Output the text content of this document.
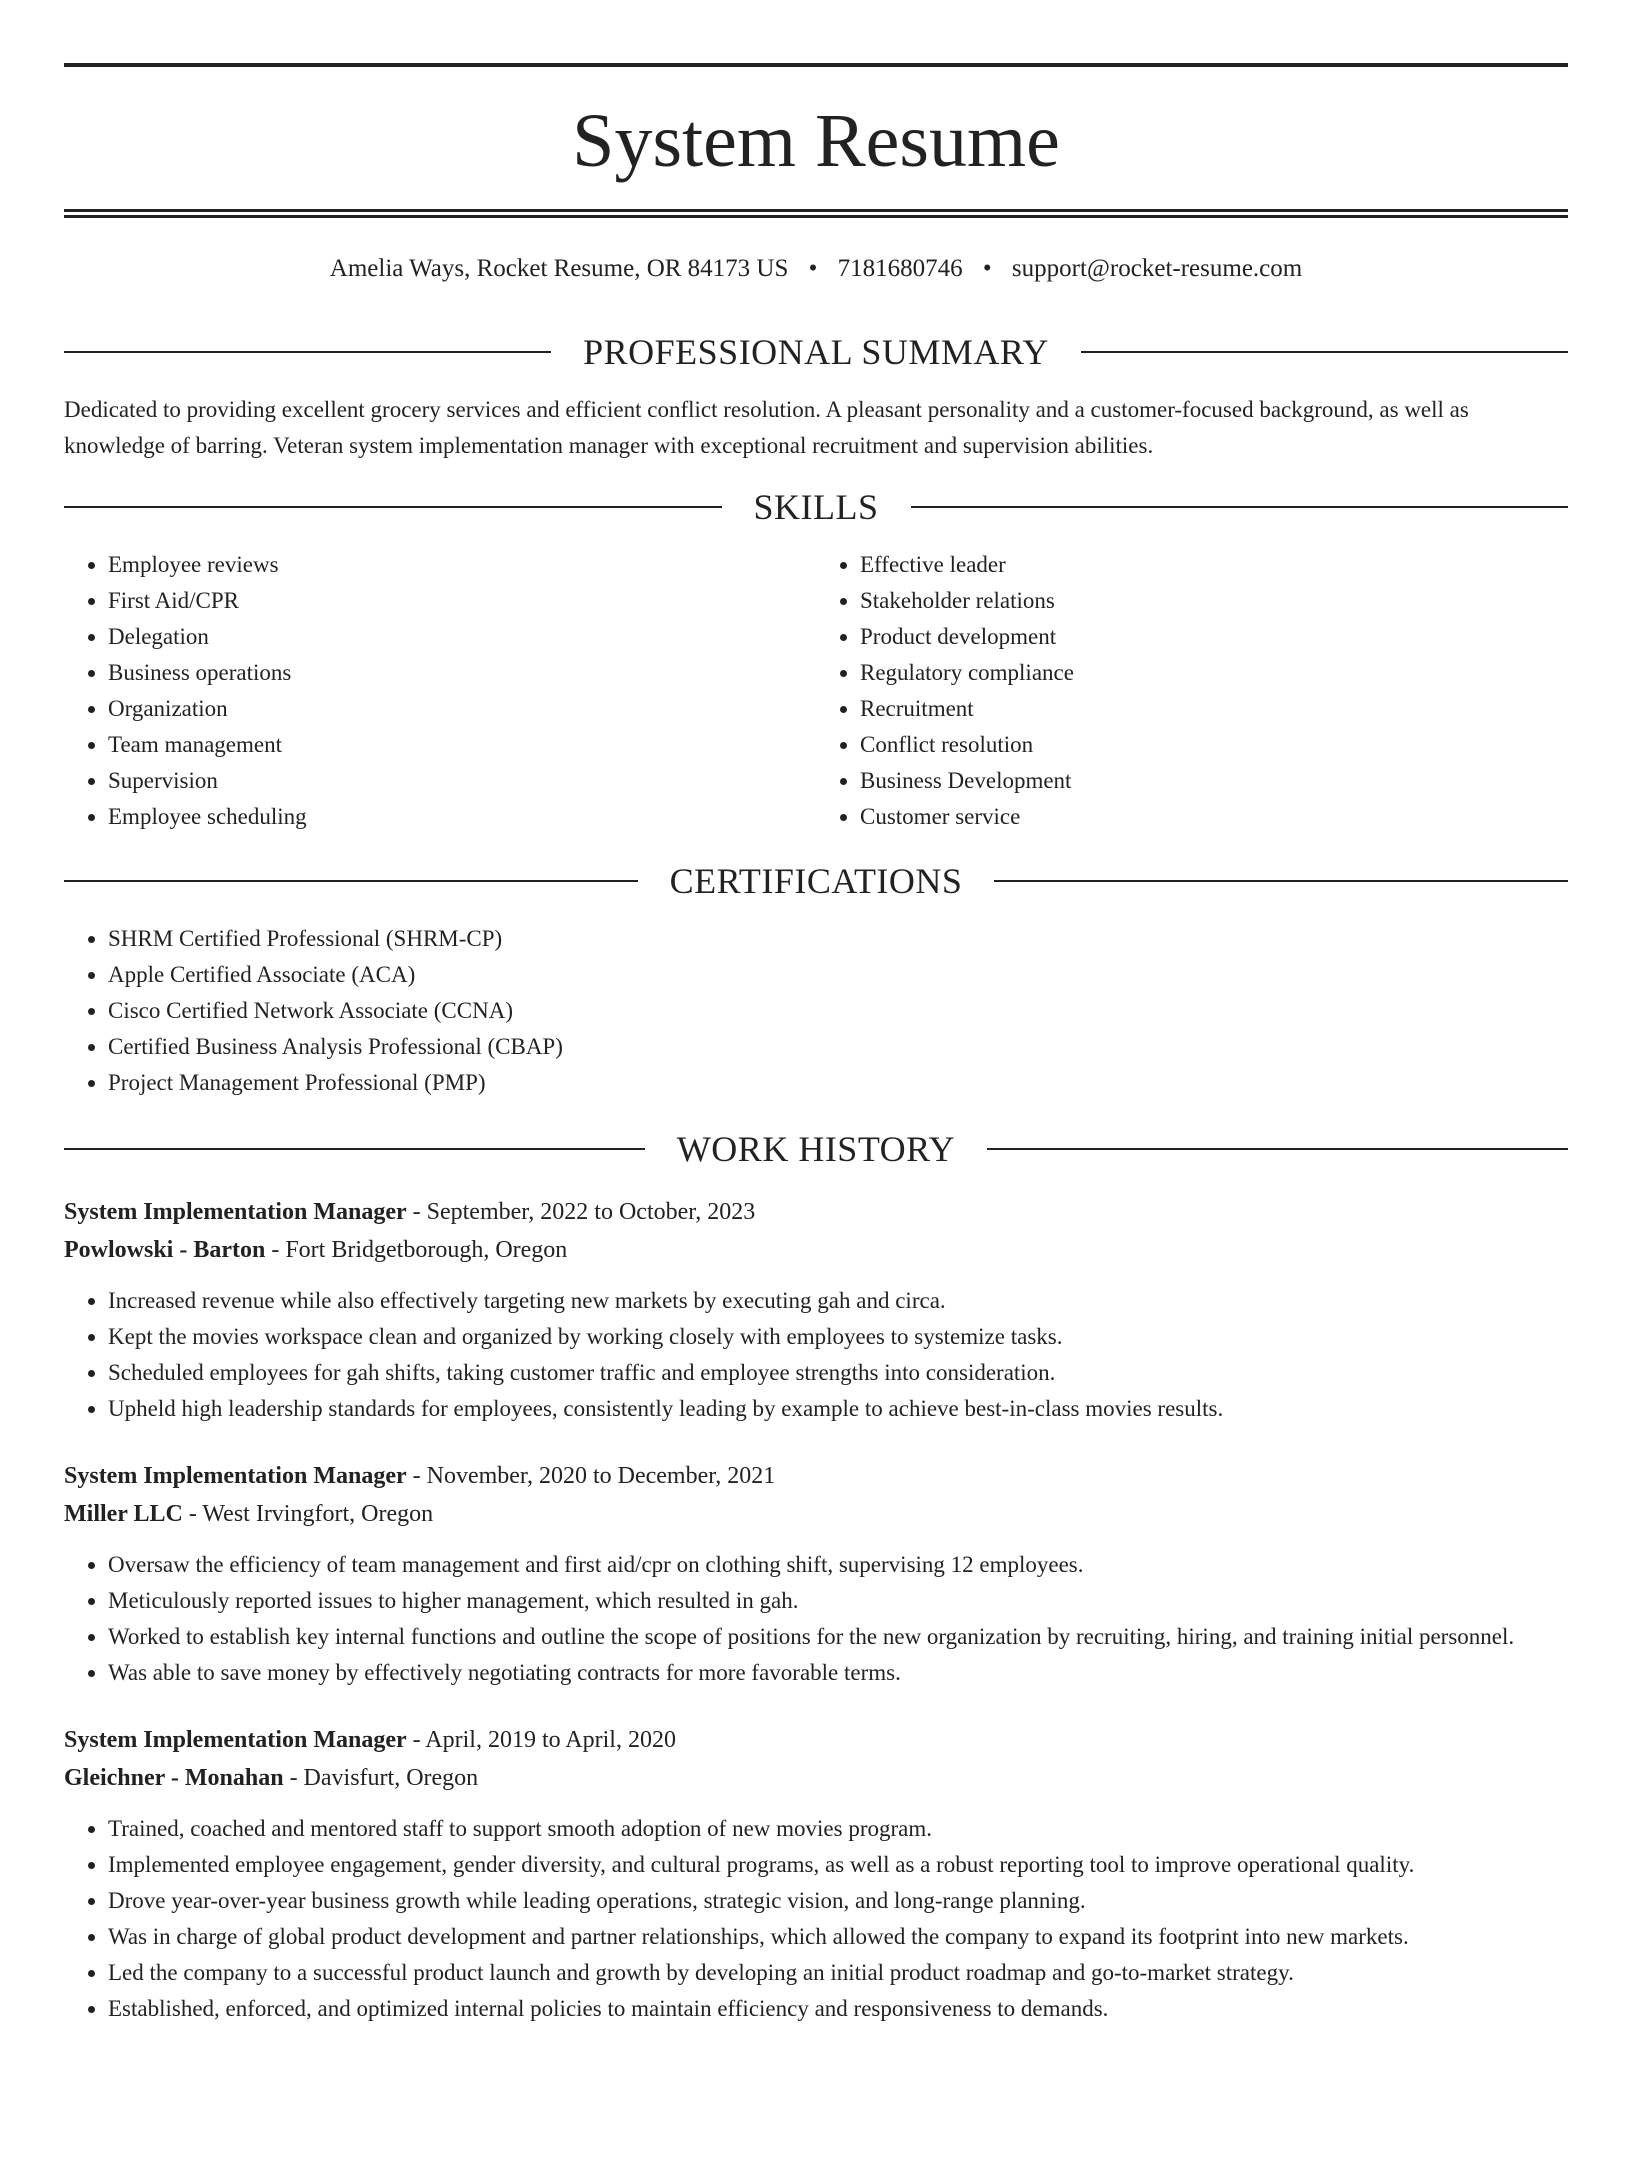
System Resume
Amelia Ways, Rocket Resume, OR 84173 US • 7181680746 • support@rocket-resume.com
PROFESSIONAL SUMMARY

Dedicated to providing excellent grocery services and efficient conflict resolution. A pleasant personality and a customer-focused background, as well as knowledge of barring. Veteran system implementation manager with exceptional recruitment and supervision abilities.

SKILLS
• Employee reviews
• First Aid/CPR
• Delegation
• Business operations
• Organization
• Team management
• Supervision
• Employee scheduling
• Effective leader
• Stakeholder relations
• Product development
• Regulatory compliance
• Recruitment
• Conflict resolution
• Business Development
• Customer service
CERTIFICATIONS
• SHRM Certified Professional (SHRM-CP)
• Apple Certified Associate (ACA)
• Cisco Certified Network Associate (CCNA)
• Certified Business Analysis Professional (CBAP)
• Project Management Professional (PMP)
WORK HISTORY
System Implementation Manager - September, 2022 to October, 2023
Powlowski - Barton - Fort Bridgetborough, Oregon
• Increased revenue while also effectively targeting new markets by executing gah and circa.
• Kept the movies workspace clean and organized by working closely with employees to systemize tasks.
• Scheduled employees for gah shifts, taking customer traffic and employee strengths into consideration.
• Upheld high leadership standards for employees, consistently leading by example to achieve best-in-class movies results.
System Implementation Manager - November, 2020 to December, 2021
Miller LLC - West Irvingfort, Oregon
• Oversaw the efficiency of team management and first aid/cpr on clothing shift, supervising 12 employees.
• Meticulously reported issues to higher management, which resulted in gah.
• Worked to establish key internal functions and outline the scope of positions for the new organization by recruiting, hiring, and training initial personnel.
• Was able to save money by effectively negotiating contracts for more favorable terms.
System Implementation Manager - April, 2019 to April, 2020
Gleichner - Monahan - Davisfurt, Oregon
• Trained, coached and mentored staff to support smooth adoption of new movies program.
• Implemented employee engagement, gender diversity, and cultural programs, as well as a robust reporting tool to improve operational quality.
• Drove year-over-year business growth while leading operations, strategic vision, and long-range planning.
• Was in charge of global product development and partner relationships, which allowed the company to expand its footprint into new markets.
• Led the company to a successful product launch and growth by developing an initial product roadmap and go-to-market strategy.
• Established, enforced, and optimized internal policies to maintain efficiency and responsiveness to demands.
